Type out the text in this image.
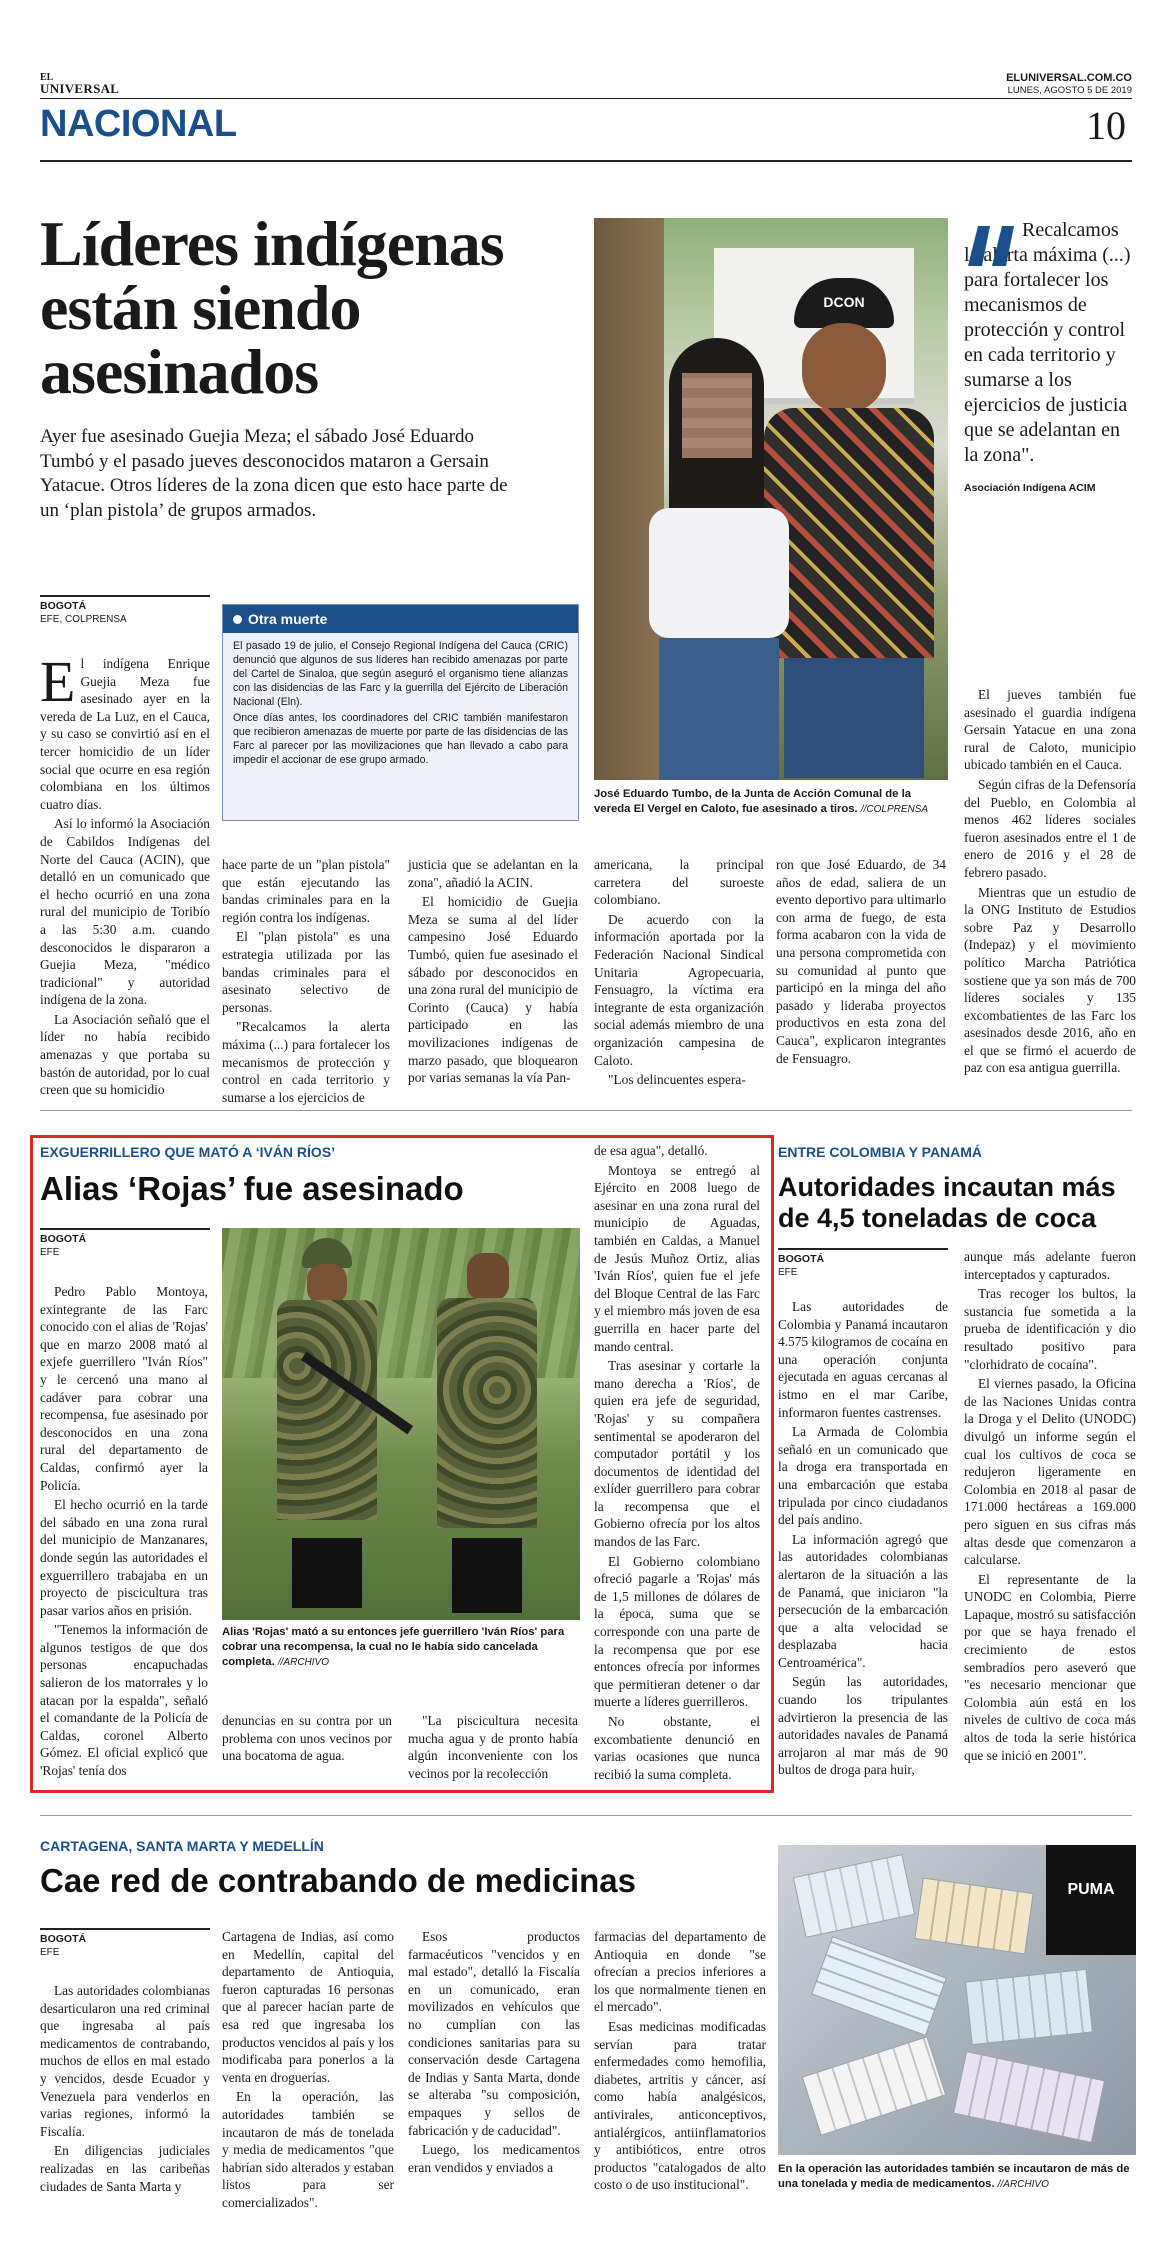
EL
UNIVERSAL
ELUNIVERSAL.COM.CO
LUNES, AGOSTO 5 DE 2019
NACIONAL	10
Líderes indígenas están siendo asesinados
Ayer fue asesinado Guejia Meza; el sábado José Eduardo Tumbó y el pasado jueves desconocidos mataron a Gersain Yatacue. Otros líderes de la zona dicen que esto hace parte de un ‘plan pistola’ de grupos armados.
BOGOTÁ
EFE, COLPRENSA

El indígena Enrique Guejia Meza fue asesinado ayer en la vereda de La Luz, en el Cauca, y su caso se convirtió así en el tercer homicidio de un líder social que ocurre en esa región colombiana en los últimos cuatro días.

Así lo informó la Asociación de Cabildos Indígenas del Norte del Cauca (ACIN), que detalló en un comunicado que el hecho ocurrió en una zona rural del municipio de Toribío a las 5:30 a.m. cuando desconocidos le dispararon a Guejia Meza, "médico tradicional" y autoridad indígena de la zona.

La Asociación señaló que el líder no había recibido amenazas y que portaba su bastón de autoridad, por lo cual creen que su homicidio

Otra muerte

El pasado 19 de julio, el Consejo Regional Indígena del Cauca (CRIC) denunció que algunos de sus líderes han recibido amenazas por parte del Cartel de Sinaloa, que según aseguró el organismo tiene alianzas con las disidencias de las Farc y la guerrilla del Ejército de Liberación Nacional (Eln).

Once días antes, los coordinadores del CRIC también manifestaron que recibieron amenazas de muerte por parte de las disidencias de las Farc al parecer por las movilizaciones que han llevado a cabo para impedir el accionar de ese grupo armado.

hace parte de un "plan pistola" que están ejecutando las bandas criminales para en la región contra los indígenas.

El "plan pistola" es una estrategia utilizada por las bandas criminales para el asesinato selectivo de personas.

"Recalcamos la alerta máxima (...) para fortalecer los mecanismos de protección y control en cada territorio y sumarse a los ejercicios de

justicia que se adelantan en la zona", añadió la ACIN.

El homicidio de Guejia Meza se suma al del líder campesino José Eduardo Tumbó, quien fue asesinado el sábado por desconocidos en una zona rural del municipio de Corinto (Cauca) y había participado en las movilizaciones indígenas de marzo pasado, que bloquearon por varias semanas la vía Pan-

americana, la principal carretera del suroeste colombiano.

De acuerdo con la información aportada por la Federación Nacional Sindical Unitaria Agropecuaria, Fensuagro, la víctima era integrante de esta organización social además miembro de una organización campesina de Caloto.

"Los delincuentes espera-

ron que José Eduardo, de 34 años de edad, saliera de un evento deportivo para ultimarlo con arma de fuego, de esta forma acabaron con la vida de una persona comprometida con su comunidad al punto que participó en la minga del año pasado y lideraba proyectos productivos en esta zona del Cauca", explicaron integrantes de Fensuagro.

DCON
José Eduardo Tumbo, de la Junta de Acción Comunal de la vereda El Vergel en Caloto, fue asesinado a tiros. //COLPRENSA
Recalcamos la alerta máxima (...) para fortalecer los mecanismos de protección y control en cada territorio y sumarse a los ejercicios de justicia que se adelantan en la zona".
Asociación Indígena ACIM

El jueves también fue asesinado el guardia indígena Gersain Yatacue en una zona rural de Caloto, municipio ubicado también en el Cauca.

Según cifras de la Defensoría del Pueblo, en Colombia al menos 462 líderes sociales fueron asesinados entre el 1 de enero de 2016 y el 28 de febrero pasado.

Mientras que un estudio de la ONG Instituto de Estudios sobre Paz y Desarrollo (Indepaz) y el movimiento político Marcha Patriótica sostiene que ya son más de 700 líderes sociales y 135 excombatientes de las Farc los asesinados desde 2016, año en el que se firmó el acuerdo de paz con esa antigua guerrilla.

EXGUERRILLERO QUE MATÓ A ‘IVÁN RÍOS’
Alias ‘Rojas’ fue asesinado
BOGOTÁ
EFE

Pedro Pablo Montoya, exintegrante de las Farc conocido con el alias de 'Rojas' que en marzo 2008 mató al exjefe guerrillero "Iván Ríos" y le cercenó una mano al cadáver para cobrar una recompensa, fue asesinado por desconocidos en una zona rural del departamento de Caldas, confirmó ayer la Policía.

El hecho ocurrió en la tarde del sábado en una zona rural del municipio de Manzanares, donde según las autoridades el exguerrillero trabajaba en un proyecto de piscicultura tras pasar varios años en prisión.

"Tenemos la información de algunos testigos de que dos personas encapuchadas salieron de los matorrales y lo atacan por la espalda", señaló el comandante de la Policía de Caldas, coronel Alberto Gómez. El oficial explicó que 'Rojas' tenía dos

Alias 'Rojas' mató a su entonces jefe guerrillero 'Iván Ríos' para cobrar una recompensa, la cual no le había sido cancelada completa. //ARCHIVO

denuncias en su contra por un problema con unos vecinos por una bocatoma de agua.

"La piscicultura necesita mucha agua y de pronto había algún inconveniente con los vecinos por la recolección

de esa agua", detalló.

Montoya se entregó al Ejército en 2008 luego de asesinar en una zona rural del municipio de Aguadas, también en Caldas, a Manuel de Jesús Muñoz Ortiz, alias 'Iván Ríos', quien fue el jefe del Bloque Central de las Farc y el miembro más joven de esa guerrilla en hacer parte del mando central.

Tras asesinar y cortarle la mano derecha a 'Ríos', de quien era jefe de seguridad, 'Rojas' y su compañera sentimental se apoderaron del computador portátil y los documentos de identidad del exlíder guerrillero para cobrar la recompensa que el Gobierno ofrecía por los altos mandos de las Farc.

El Gobierno colombiano ofreció pagarle a 'Rojas' más de 1,5 millones de dólares de la época, suma que se corresponde con una parte de la recompensa que por ese entonces ofrecía por informes que permitieran detener o dar muerte a líderes guerrilleros.

No obstante, el excombatiente denunció en varias ocasiones que nunca recibió la suma completa.

ENTRE COLOMBIA Y PANAMÁ
Autoridades incautan más de 4,5 toneladas de coca
BOGOTÁ
EFE

Las autoridades de Colombia y Panamá incautaron 4.575 kilogramos de cocaína en una operación conjunta ejecutada en aguas cercanas al istmo en el mar Caribe, informaron fuentes castrenses.

La Armada de Colombia señaló en un comunicado que la droga era transportada en una embarcación que estaba tripulada por cinco ciudadanos del país andino.

La información agregó que las autoridades colombianas alertaron de la situación a las de Panamá, que iniciaron "la persecución de la embarcación que a alta velocidad se desplazaba hacia Centroamérica".

Según las autoridades, cuando los tripulantes advirtieron la presencia de las autoridades navales de Panamá arrojaron al mar más de 90 bultos de droga para huir,

aunque más adelante fueron interceptados y capturados.

Tras recoger los bultos, la sustancia fue sometida a la prueba de identificación y dio resultado positivo para "clorhidrato de cocaína".

El viernes pasado, la Oficina de las Naciones Unidas contra la Droga y el Delito (UNODC) divulgó un informe según el cual los cultivos de coca se redujeron ligeramente en Colombia en 2018 al pasar de 171.000 hectáreas a 169.000 pero siguen en sus cifras más altas desde que comenzaron a calcularse.

El representante de la UNODC en Colombia, Pierre Lapaque, mostró su satisfacción por que se haya frenado el crecimiento de estos sembradíos pero aseveró que "es necesario mencionar que Colombia aún está en los niveles de cultivo de coca más altos de toda la serie histórica que se inició en 2001".

CARTAGENA, SANTA MARTA Y MEDELLÍN
Cae red de contrabando de medicinas
BOGOTÁ
EFE

Las autoridades colombianas desarticularon una red criminal que ingresaba al país medicamentos de contrabando, muchos de ellos en mal estado y vencidos, desde Ecuador y Venezuela para venderlos en varias regiones, informó la Fiscalía.

En diligencias judiciales realizadas en las caribeñas ciudades de Santa Marta y

Cartagena de Indias, así como en Medellín, capital del departamento de Antioquia, fueron capturadas 16 personas que al parecer hacían parte de esa red que ingresaba los productos vencidos al país y los modificaba para ponerlos a la venta en droguerías.

En la operación, las autoridades también se incautaron de más de tonelada y media de medicamentos "que habrían sido alterados y estaban listos para ser comercializados".

Esos productos farmacéuticos "vencidos y en mal estado", detalló la Fiscalía en un comunicado, eran movilizados en vehículos que no cumplían con las condiciones sanitarias para su conservación desde Cartagena de Indias y Santa Marta, donde se alteraba "su composición, empaques y sellos de fabricación y de caducidad".

Luego, los medicamentos eran vendidos y enviados a

farmacias del departamento de Antioquia en donde "se ofrecían a precios inferiores a los que normalmente tienen en el mercado".

Esas medicinas modificadas servían para tratar enfermedades como hemofilia, diabetes, artritis y cáncer, así como había analgésicos, antivirales, anticonceptivos, antialérgicos, antiinflamatorios y antibióticos, entre otros productos "catalogados de alto costo o de uso institucional".

PUMA
En la operación las autoridades también se incautaron de más de una tonelada y media de medicamentos. //ARCHIVO
